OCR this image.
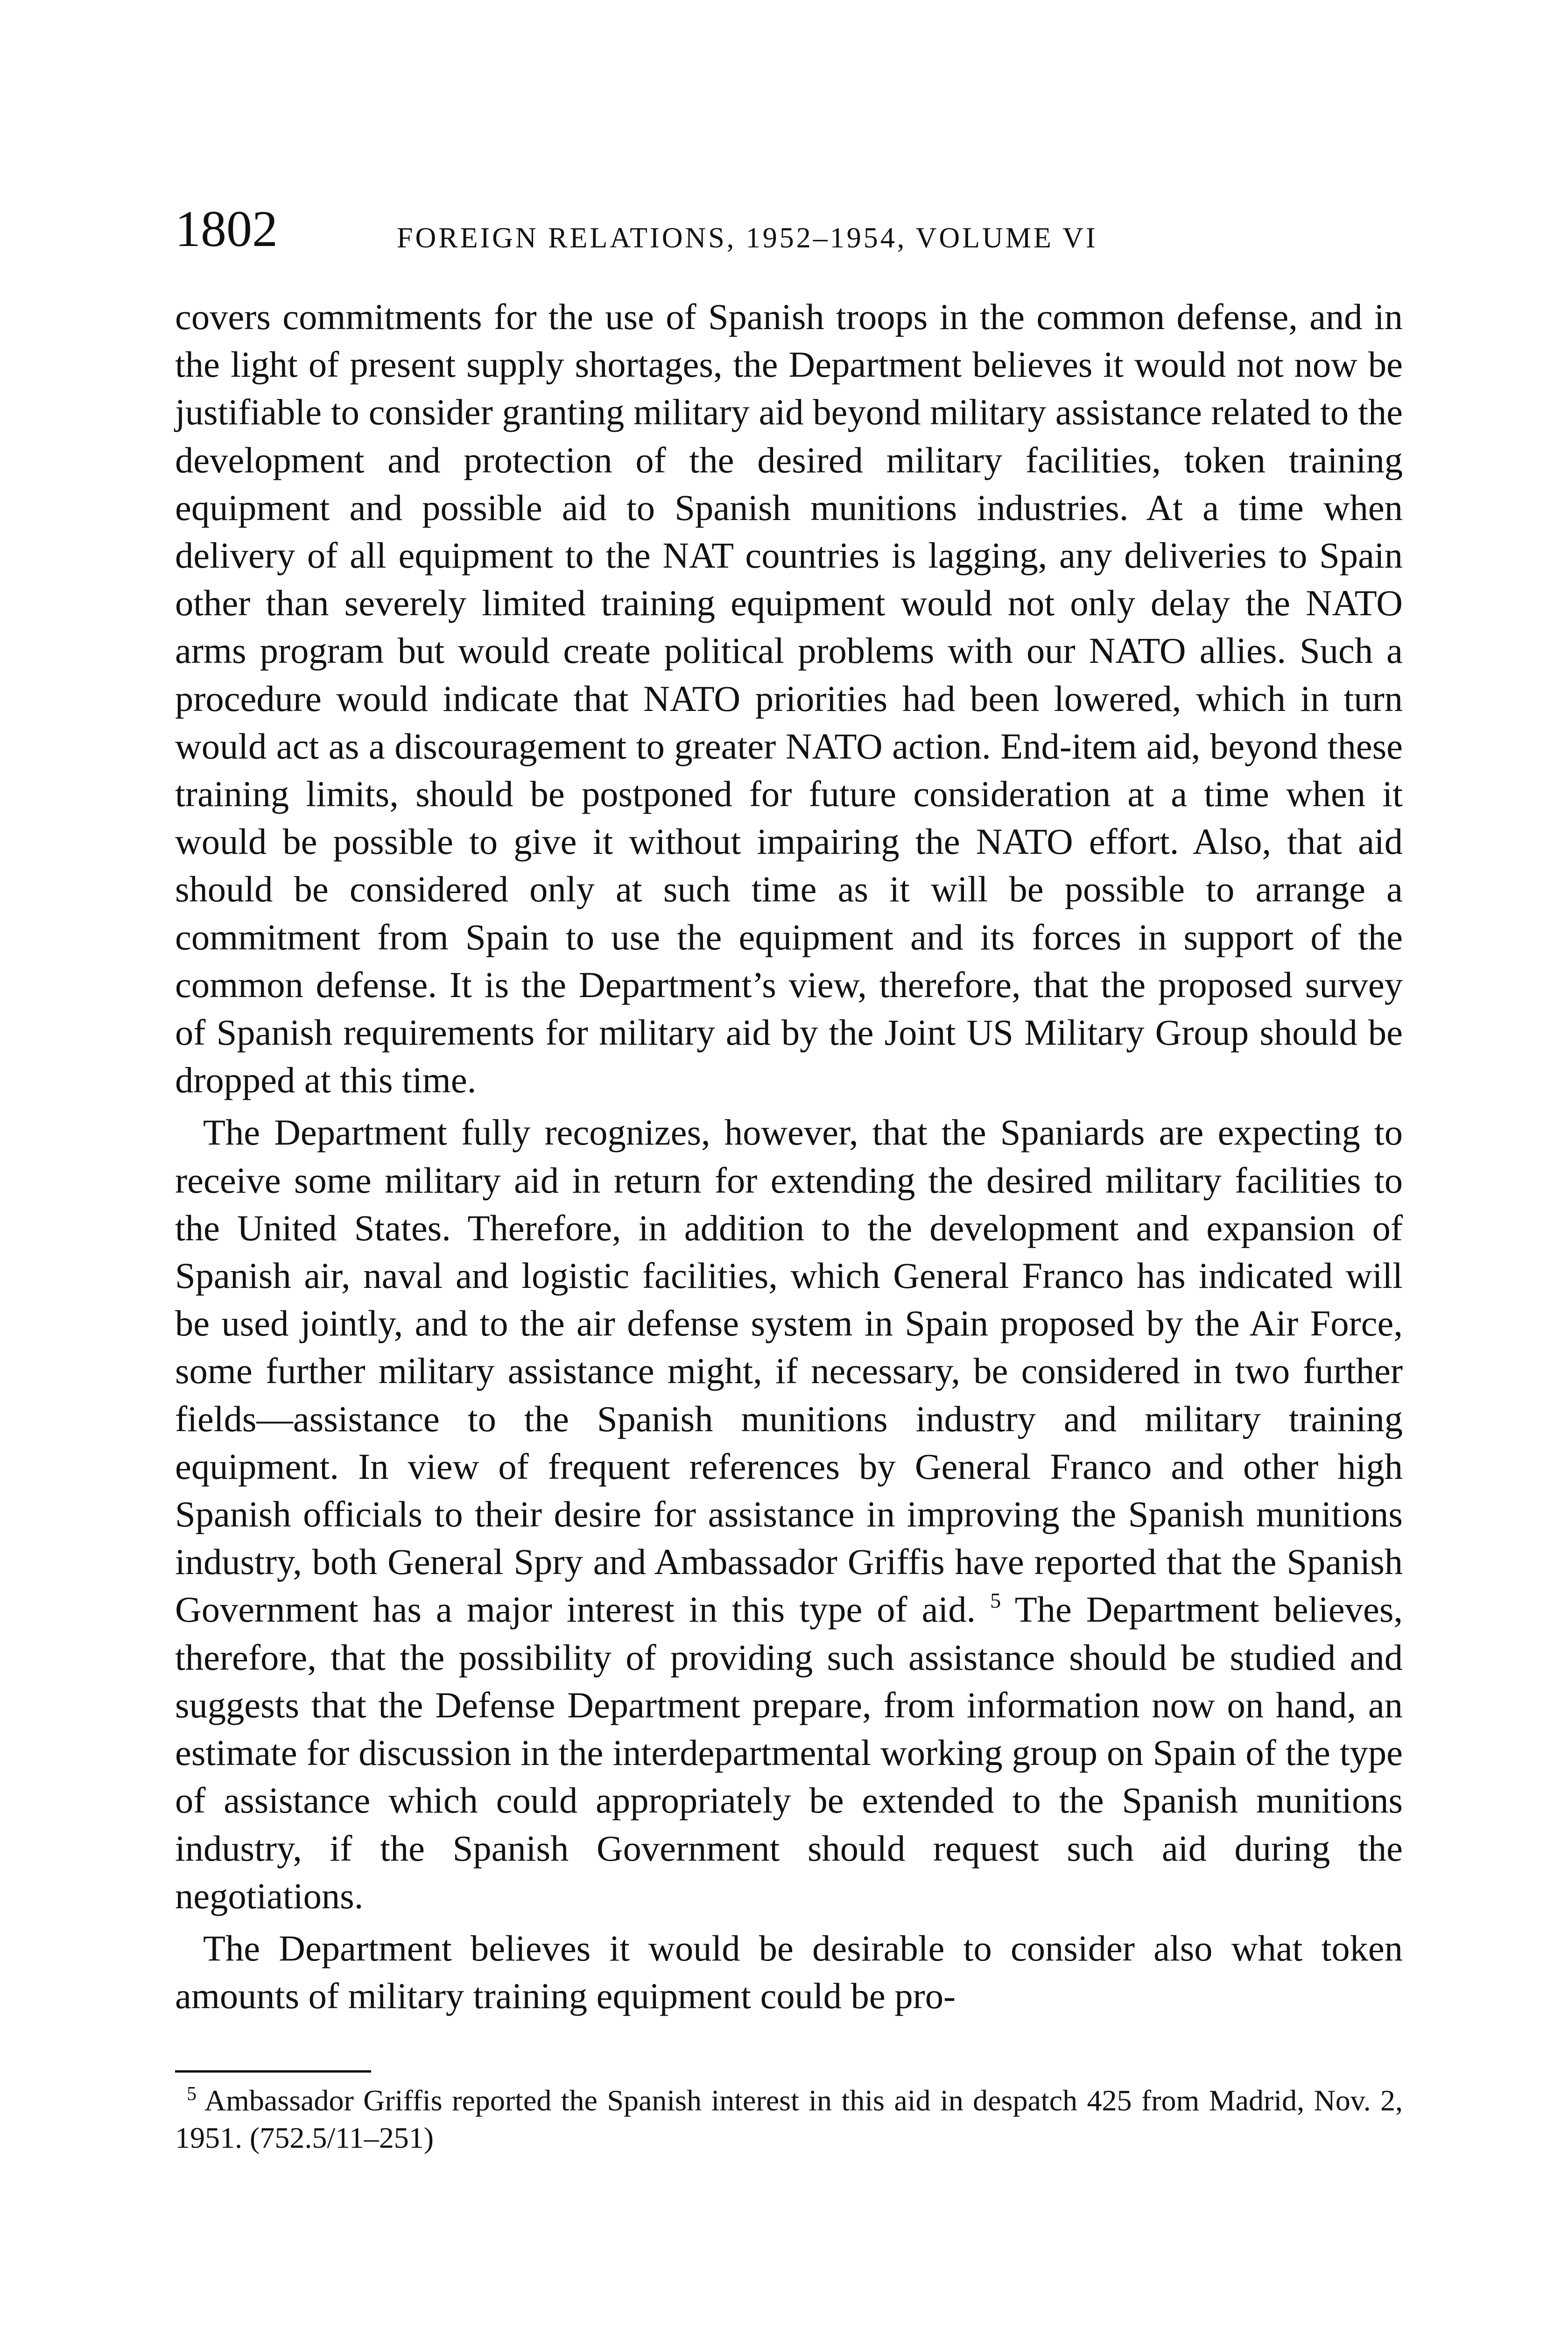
1802	FOREIGN RELATIONS, 1952–1954, VOLUME VI

covers commitments for the use of Spanish troops in the common defense, and in the light of present supply shortages, the Department believes it would not now be justifiable to consider granting military aid beyond military assistance related to the development and protection of the desired military facilities, token training equipment and possible aid to Spanish munitions industries. At a time when delivery of all equipment to the NAT countries is lagging, any deliveries to Spain other than severely limited training equipment would not only delay the NATO arms program but would create political problems with our NATO allies. Such a procedure would indicate that NATO priorities had been lowered, which in turn would act as a discouragement to greater NATO action. End-item aid, beyond these training limits, should be postponed for future consideration at a time when it would be possible to give it without impairing the NATO effort. Also, that aid should be considered only at such time as it will be possible to arrange a commitment from Spain to use the equipment and its forces in support of the common defense. It is the Department’s view, therefore, that the proposed survey of Spanish requirements for military aid by the Joint US Military Group should be dropped at this time.

The Department fully recognizes, however, that the Spaniards are expecting to receive some military aid in return for extending the desired military facilities to the United States. Therefore, in addition to the development and expansion of Spanish air, naval and logistic facilities, which General Franco has indicated will be used jointly, and to the air defense system in Spain proposed by the Air Force, some further military assistance might, if necessary, be considered in two further fields—assistance to the Spanish munitions industry and military training equipment. In view of frequent references by General Franco and other high Spanish officials to their desire for assistance in improving the Spanish munitions industry, both General Spry and Ambassador Griffis have reported that the Spanish Government has a major interest in this type of aid. $^5$ The Department believes, therefore, that the possibility of providing such assistance should be studied and suggests that the Defense Department prepare, from information now on hand, an estimate for discussion in the interdepartmental working group on Spain of the type of assistance which could appropriately be extended to the Spanish munitions industry, if the Spanish Government should request such aid during the negotiations.

The Department believes it would be desirable to consider also what token amounts of military training equipment could be pro-

$^5$ Ambassador Griffis reported the Spanish interest in this aid in despatch 425 from Madrid, Nov. 2, 1951. (752.5/11–251)
